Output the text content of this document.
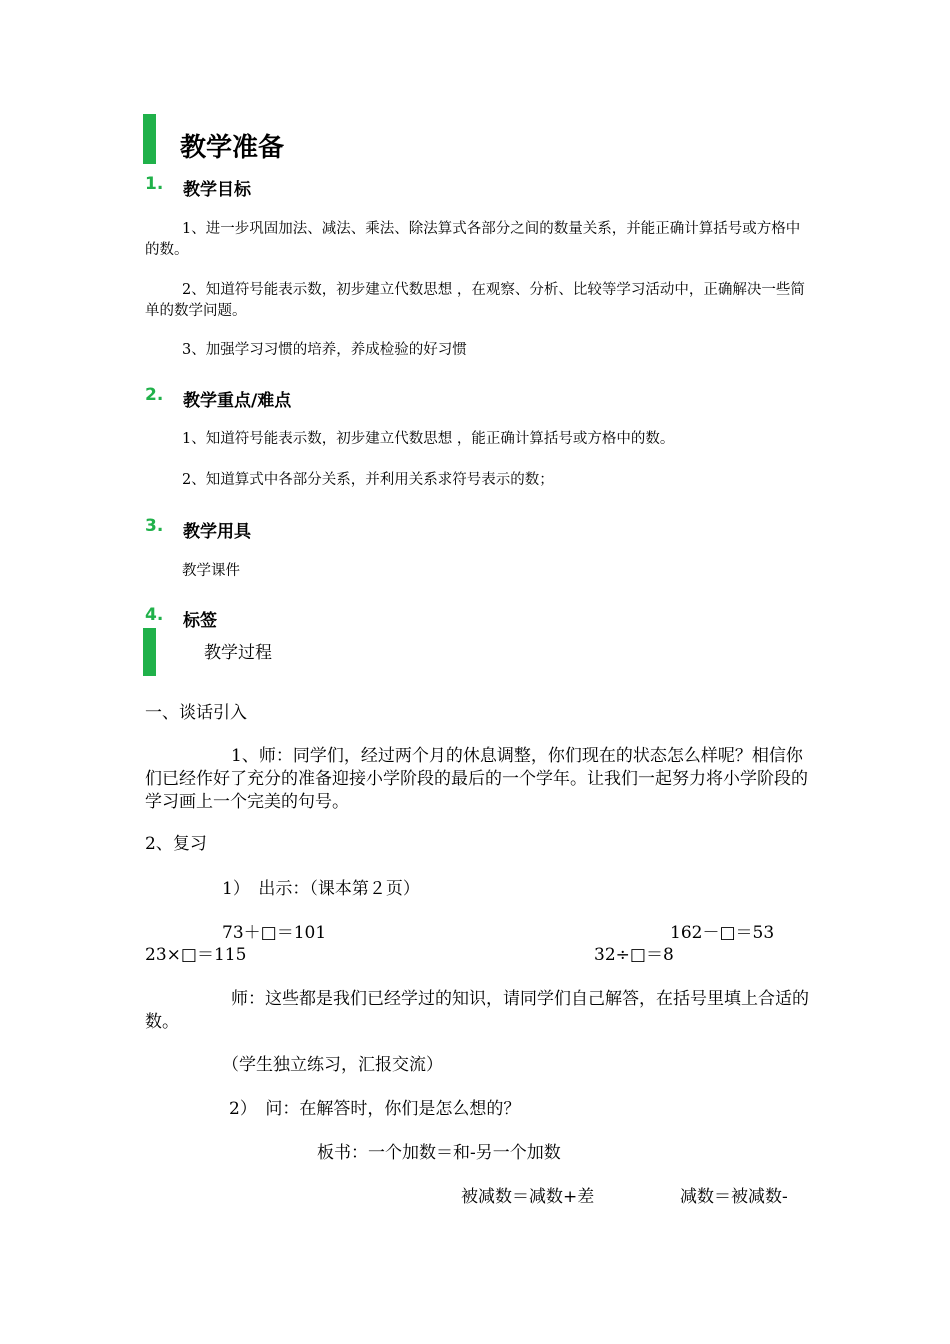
教学准备
1. 教学目标
1、进一步巩固加法、减法、乘法、除法算式各部分之间的数量关系，并能正确计算括号或方格中的数。
2、知道符号能表示数，初步建立代数思想 ，在观察、分析、比较等学习活动中，正确解决一些简单的数学问题。
3、加强学习习惯的培养，养成检验的好习惯
2. 教学重点/难点
1、知道符号能表示数，初步建立代数思想 ，能正确计算括号或方格中的数。
2、知道算式中各部分关系，并利用关系求符号表示的数；
3. 教学用具
教学课件
4. 标签
教学过程
一、谈话引入
1、师：同学们，经过两个月的休息调整，你们现在的状态怎么样呢？相信你们已经作好了充分的准备迎接小学阶段的最后的一个学年。让我们一起努力将小学阶段的学习画上一个完美的句号。
2、复习
1）　出示：（课本第２页）
73＋□＝101	162－□＝53
23×□＝115	32÷□＝8
师：这些都是我们已经学过的知识，请同学们自己解答，在括号里填上合适的数。
（学生独立练习，汇报交流）
2）　问：在解答时，你们是怎么想的？
板书：一个加数＝和-另一个加数
被减数＝减数+差	减数＝被减数-
